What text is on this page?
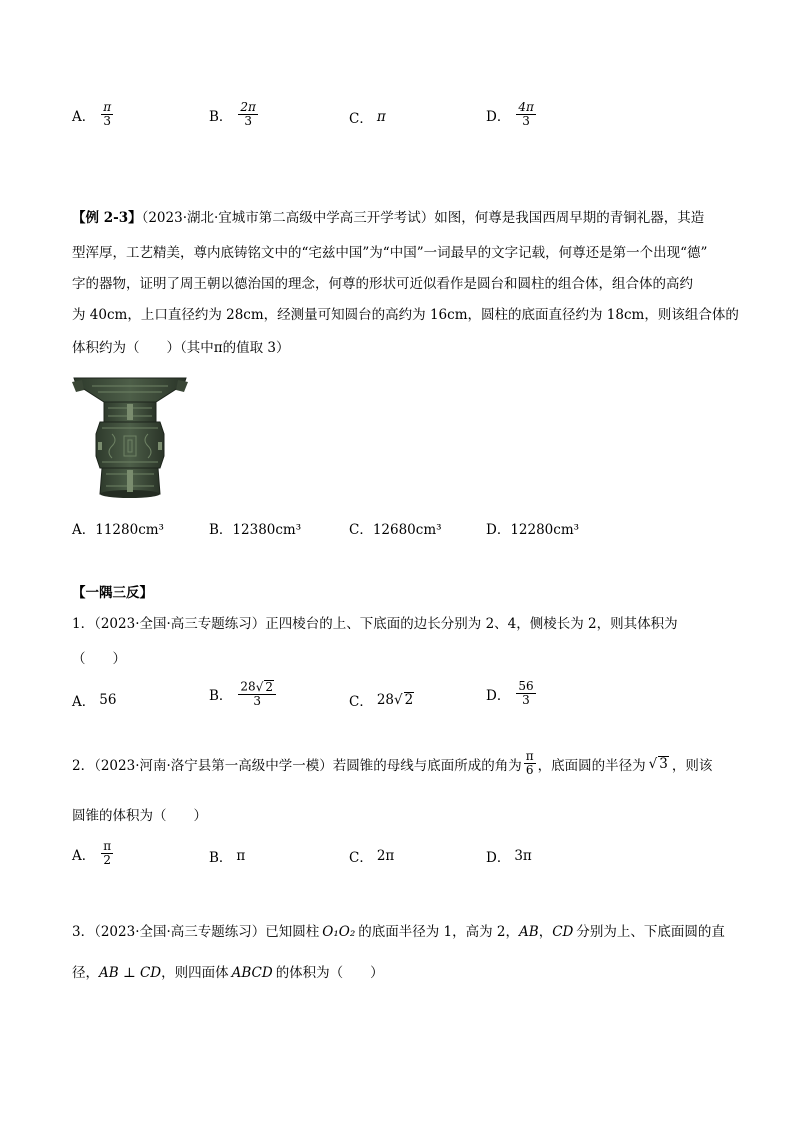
A． $\frac{\pi}{3}$	B． $\frac{2\pi}{3}$	C． π	D． $\frac{4\pi}{3}$
【例 2-3】（2023·湖北·宜城市第二高级中学高三开学考试）如图，何尊是我国西周早期的青铜礼器，其造
型浑厚，工艺精美，尊内底铸铭文中的“宅兹中国”为“中国”一词最早的文字记载，何尊还是第一个出现“德”
字的器物，证明了周王朝以德治国的理念，何尊的形状可近似看作是圆台和圆柱的组合体，组合体的高约
为 40cm，上口直径约为 28cm，经测量可知圆台的高约为 16cm，圆柱的底面直径约为 18cm，则该组合体的
体积约为（　　）（其中π的值取 3）
A．11280cm³	B．12380cm³	C．12680cm³	D．12280cm³
【一隅三反】
1．（2023·全国·高三专题练习）正四棱台的上、下底面的边长分别为 2、4，侧棱长为 2，则其体积为
（　　）
A． 56	B． $\frac{28√ 2}{3}$	C． 28 √ 2	D． $\frac{56}{3}$
2．（2023·河南·洛宁县第一高级中学一模）若圆锥的母线与底面所成的角为 $\frac{\pi}{6}$ ，底面圆的半径为 √ 3 ，则该
圆锥的体积为（　　）
A． $\frac{\pi}{2}$	B． π	C． 2π	D． 3π
3．（2023·全国·高三专题练习）已知圆柱 O₁O₂ 的底面半径为 1，高为 2，AB，CD 分别为上、下底面圆的直
径，AB ⊥ CD，则四面体 ABCD 的体积为（　　）
